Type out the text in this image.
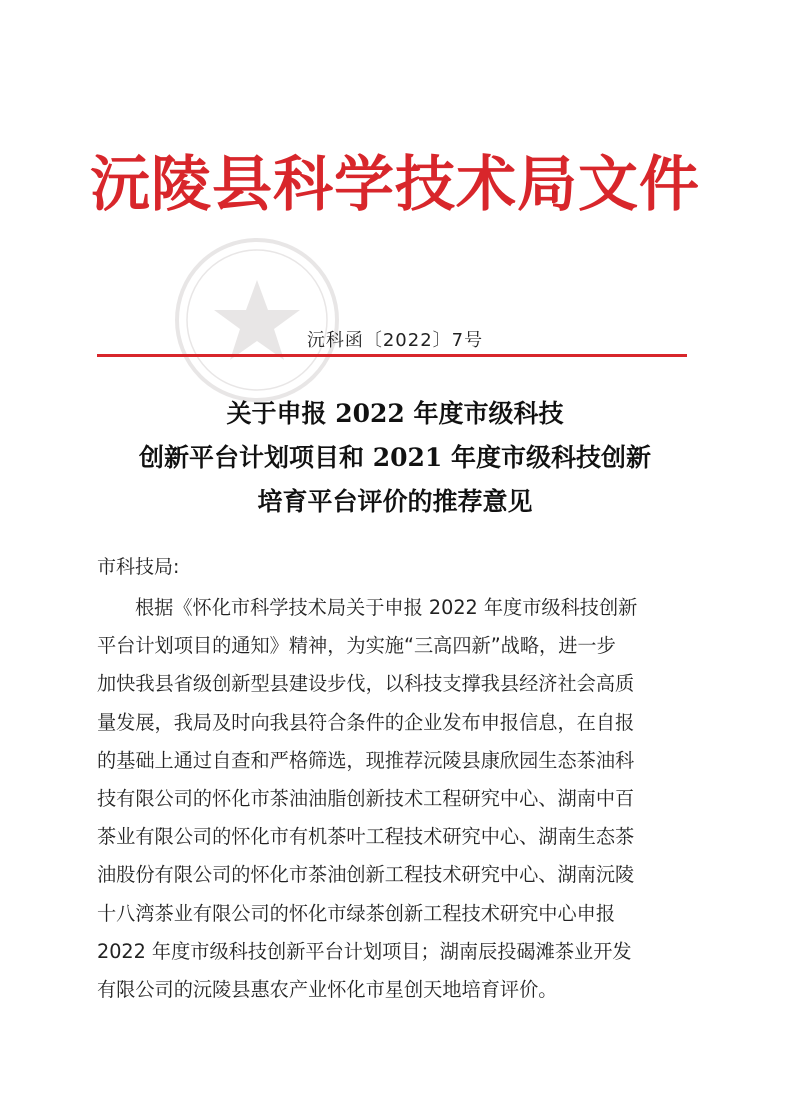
沅陵县科学技术局文件
沅科函〔2022〕7号
关于申报 2022 年度市级科技
创新平台计划项目和 2021 年度市级科技创新
培育平台评价的推荐意见
市科技局:
根据《怀化市科学技术局关于申报 2022 年度市级科技创新
平台计划项目的通知》精神，为实施“三高四新”战略，进一步
加快我县省级创新型县建设步伐，以科技支撑我县经济社会高质
量发展，我局及时向我县符合条件的企业发布申报信息，在自报
的基础上通过自查和严格筛选，现推荐沅陵县康欣园生态茶油科
技有限公司的怀化市茶油油脂创新技术工程研究中心、湖南中百
茶业有限公司的怀化市有机茶叶工程技术研究中心、湖南生态茶
油股份有限公司的怀化市茶油创新工程技术研究中心、湖南沅陵
十八湾茶业有限公司的怀化市绿茶创新工程技术研究中心申报
2022 年度市级科技创新平台计划项目；湖南辰投碣滩茶业开发
有限公司的沅陵县惠农产业怀化市星创天地培育评价。
